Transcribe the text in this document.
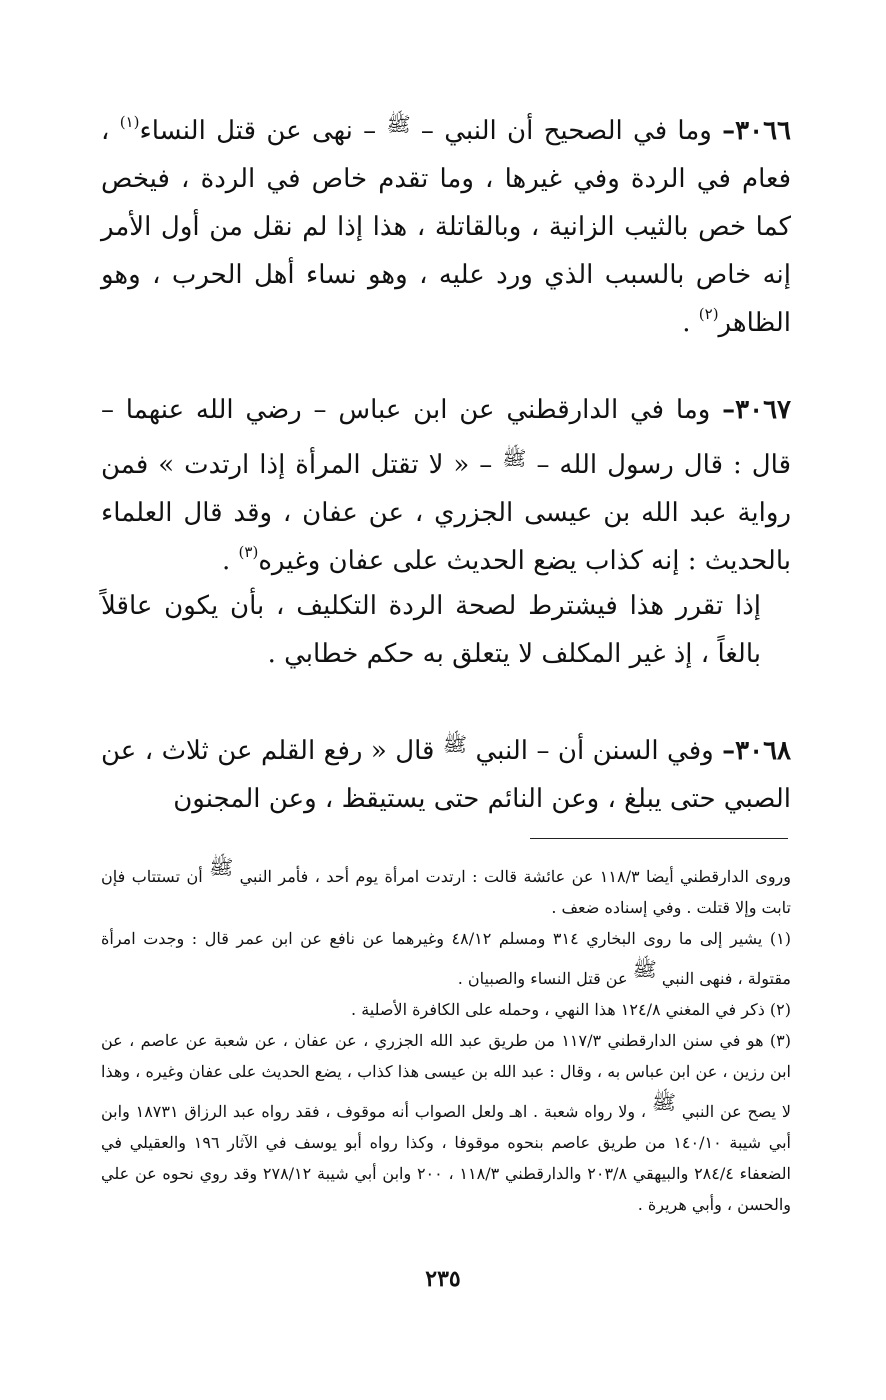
٣٠٦٦– وما في الصحيح أن النبي – $^ﷺ$ – نهى عن قتل النساء$^{(١)}$ ، فعام في الردة وفي غيرها ، وما تقدم خاص في الردة ، فيخص كما خص بالثيب الزانية ، وبالقاتلة ، هذا إذا لم نقل من أول الأمر إنه خاص بالسبب الذي ورد عليه ، وهو نساء أهل الحرب ، وهو الظاهر$^{(٢)}$ .

٣٠٦٧– وما في الدارقطني عن ابن عباس – رضي الله عنهما – قال : قال رسول الله – $^ﷺ$ – « لا تقتل المرأة إذا ارتدت » فمن رواية عبد الله بن عيسى الجزري ، عن عفان ، وقد قال العلماء بالحديث : إنه كذاب يضع الحديث على عفان وغيره$^{(٣)}$ .

إذا تقرر هذا فيشترط لصحة الردة التكليف ، بأن يكون عاقلاً بالغاً ، إذ غير المكلف لا يتعلق به حكم خطابي .

٣٠٦٨– وفي السنن أن – النبي $^ﷺ$ قال « رفع القلم عن ثلاث ، عن الصبي حتى يبلغ ، وعن النائم حتى يستيقظ ، وعن المجنون

وروى الدارقطني أيضا ١١٨/٣ عن عائشة قالت : ارتدت امرأة يوم أحد ، فأمر النبي ﷺ أن تستتاب فإن تابت وإلا قتلت . وفي إسناده ضعف .

(١) يشير إلى ما روى البخاري ٣١٤ ومسلم ٤٨/١٢ وغيرهما عن نافع عن ابن عمر قال : وجدت امرأة مقتولة ، فنهى النبي ﷺ عن قتل النساء والصبيان .

(٢) ذكر في المغني ١٢٤/٨ هذا النهي ، وحمله على الكافرة الأصلية .

(٣) هو في سنن الدارقطني ١١٧/٣ من طريق عبد الله الجزري ، عن عفان ، عن شعبة عن عاصم ، عن ابن رزين ، عن ابن عباس به ، وقال : عبد الله بن عيسى هذا كذاب ، يضع الحديث على عفان وغيره ، وهذا لا يصح عن النبي ﷺ ، ولا رواه شعبة . اهـ ولعل الصواب أنه موقوف ، فقد رواه عبد الرزاق ١٨٧٣١ وابن أبي شيبة ١٤٠/١٠ من طريق عاصم بنحوه موقوفا ، وكذا رواه أبو يوسف في الآثار ١٩٦ والعقيلي في الضعفاء ٢٨٤/٤ والبيهقي ٢٠٣/٨ والدارقطني ١١٨/٣ ، ٢٠٠ وابن أبي شيبة ٢٧٨/١٢ وقد روي نحوه عن علي والحسن ، وأبي هريرة .

٢٣٥
